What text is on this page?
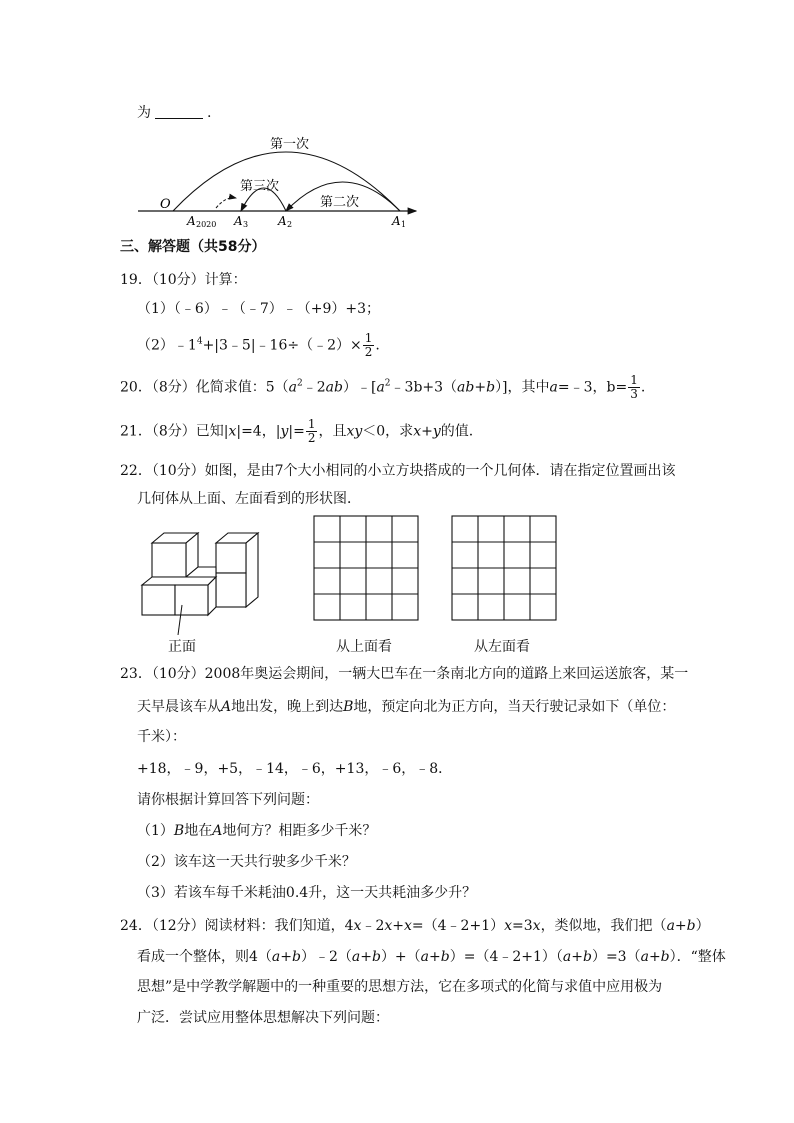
为	.
第一次
第三次
第二次
O
A 2020 A 3 A 2	A 1
三、解答题（共58分）
19．（10分）计算：
（1）（﹣6）﹣（﹣7）﹣（+9）+3；
$(2)﹣1^4+|3﹣5|﹣16\div(﹣2)\times \frac{1}{2}$ .
20．（8分）化简求值：$5(a^2﹣2ab)﹣[a^2﹣3b+3(ab+b)]$，其中a=﹣3，$b= \frac{1}{3}$ .
21．（8分）已知|x|=4，$|y|= \frac{1}{2}$ ，且xy＜0，求x+y的值.
22．（10分）如图，是由7个大小相同的小立方块搭成的一个几何体．请在指定位置画出该
几何体从上面、左面看到的形状图．
正面	从上面看	从左面看
23．（10分）2008年奥运会期间，一辆大巴车在一条南北方向的道路上来回运送旅客，某一
天早晨该车从A地出发，晚上到达B地，预定向北为正方向，当天行驶记录如下（单位：
千米）：
+18，﹣9，+5，﹣14，﹣6，+13，﹣6，﹣8．
请你根据计算回答下列问题：
（1）B地在A地何方？相距多少千米？
（2）该车这一天共行驶多少千米？
（3）若该车每千米耗油0.4升，这一天共耗油多少升？
24．（12分）阅读材料：我们知道，4x﹣2x+x=（4﹣2+1）x=3x，类似地，我们把（a+b）
看成一个整体，则4（a+b）﹣2（a+b）+（a+b）=（4﹣2+1）（a+b）=3（a+b）．“整体
思想”是中学教学解题中的一种重要的思想方法，它在多项式的化简与求值中应用极为
广泛．尝试应用整体思想解决下列问题：
